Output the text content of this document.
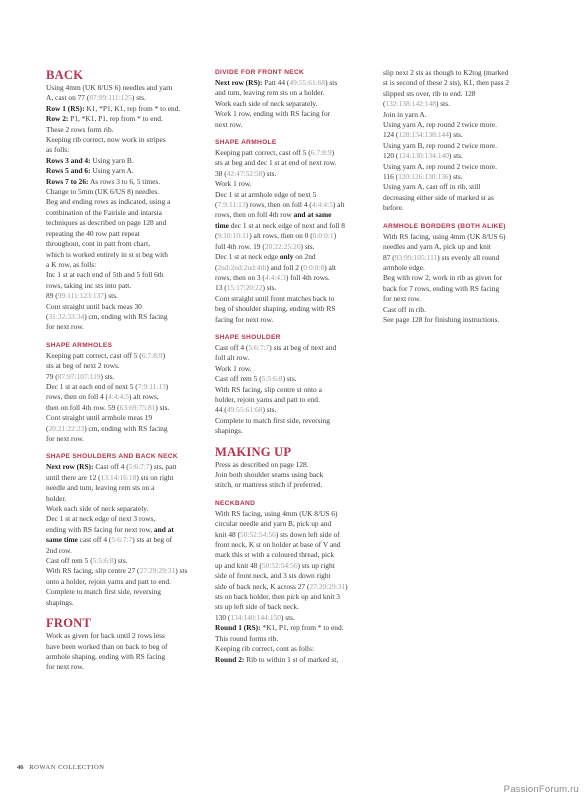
BACK
Using 4mm (UK 8/US 6) needles and yarn
A, cast on 77 (87:99:111:125) sts.
Row 1 (RS): K1, *P1, K1, rep from * to end.
Row 2: P1, *K1, P1, rep from * to end.
These 2 rows form rib.
Keeping rib correct, now work in stripes
as folls:
Rows 3 and 4: Using yarn B.
Rows 5 and 6: Using yarn A.
Rows 7 to 26: As rows 3 to 6, 5 times.
Change to 5mm (UK 6/US 8) needles.
Beg and ending rows as indicated, using a
combination of the Fairisle and intarsia
techniques as described on page 128 and
repeating the 40 row patt repeat
throughout, cont in patt from chart,
which is worked entirely in st st beg with
a K row, as folls:
Inc 1 st at each end of 5th and 5 foll 6th
rows, taking inc sts into patt.
89 (99:111:123:137) sts.
Cont straight until back meas 30
(31:32:33:34) cm, ending with RS facing
for next row.
SHAPE ARMHOLES
Keeping patt correct, cast off 5 (6:7:8:9)
sts at beg of next 2 rows.
79 (87:97:107:119) sts.
Dec 1 st at each end of next 5 (7:9:11:13)
rows, then on foll 4 (4:4:4:5) alt rows,
then on foll 4th row. 59 (63:69:75:81) sts.
Cont straight until armhole meas 19
(20:21:22:23) cm, ending with RS facing
for next row.
SHAPE SHOULDERS AND BACK NECK
Next row (RS): Cast off 4 (5:6:7:7) sts, patt
until there are 12 (13:14:16:18) sts on right
needle and turn, leaving rem sts on a
holder.
Work each side of neck separately.
Dec 1 st at neck edge of next 3 rows,
ending with RS facing for next row, and at
same time cast off 4 (5:6:7:7) sts at beg of
2nd row.
Cast off rem 5 (5:5:6:8) sts.
With RS facing, slip centre 27 (27:29:29:31) sts
onto a holder, rejoin yarns and patt to end.
Complete to match first side, reversing
shapings.
FRONT
Work as given for back until 2 rows less
have been worked than on back to beg of
armhole shaping, ending with RS facing
for next row.
DIVIDE FOR FRONT NECK
Next row (RS): Patt 44 (49:55:61:68) sts
and turn, leaving rem sts on a holder.
Work each side of neck separately.
Work 1 row, ending with RS facing for
next row.
SHAPE ARMHOLE
Keeping patt correct, cast off 5 (6:7:8:9)
sts at beg and dec 1 st at end of next row.
38 (42:47:52:58) sts.
Work 1 row.
Dec 1 st at armhole edge of next 5
(7:9:11:13) rows, then on foll 4 (4:4:4:5) alt
rows, then on foll 4th row and at same
time dec 1 st at neck edge of next and foll 8
(9:10:10:11) alt rows, then on 0 (0:0:0:1)
foll 4th row. 19 (20:22:25:26) sts.
Dec 1 st at neck edge only on 2nd
(2nd:2nd:2nd:4th) and foll 2 (0:0:0:0) alt
rows, then on 3 (4:4:4:3) foll 4th rows.
13 (15:17:20:22) sts.
Cont straight until front matches back to
beg of shoulder shaping, ending with RS
facing for next row.
SHAPE SHOULDER
Cast off 4 (5:6:7:7) sts at beg of next and
foll alt row.
Work 1 row.
Cast off rem 5 (5:5:6:8) sts.
With RS facing, slip centre st onto a
holder, rejoin yarns and patt to end.
44 (49:55:61:68) sts.
Complete to match first side, reversing
shapings.
MAKING UP
Press as described on page 128.
Join both shoulder seams using back
stitch, or mattress stitch if preferred.
NECKBAND
With RS facing, using 4mm (UK 8/US 6)
circular needle and yarn B, pick up and
knit 48 (50:52:54:56) sts down left side of
front neck, K st on holder at base of V and
mark this st with a coloured thread, pick
up and knit 48 (50:52:54:56) sts up right
side of front neck, and 3 sts down right
side of back neck, K across 27 (27:29:29:31)
sts on back holder, then pick up and knit 3
sts up left side of back neck.
130 (134:140:144:150) sts.
Round 1 (RS): *K1, P1, rep from * to end.
This round forms rib.
Keeping rib correct, cont as folls:
Round 2: Rib to within 1 st of marked st,
slip next 2 sts as though to K2tog (marked
st is second of these 2 sts), K1, then pass 2
slipped sts over, rib to end. 128
(132:138:142:148) sts.
Join in yarn A.
Using yarn A, rep round 2 twice more.
124 (128:134:138:144) sts.
Using yarn B, rep round 2 twice more.
120 (124:130:134:140) sts.
Using yarn A, rep round 2 twice more.
116 (120:126:130:136) sts.
Using yarn A, cast off in rib, still
decreasing either side of marked st as
before.
ARMHOLE BORDERS (BOTH ALIKE)
With RS facing, using 4mm (UK 8/US 6)
needles and yarn A, pick up and knit
87 (93:99:105:111) sts evenly all round
armhole edge.
Beg with row 2, work in rib as given for
back for 7 rows, ending with RS facing
for next row.
Cast off in rib.
See page 128 for finishing instructions.
46 ROWAN COLLECTION
PassionForum.ru
